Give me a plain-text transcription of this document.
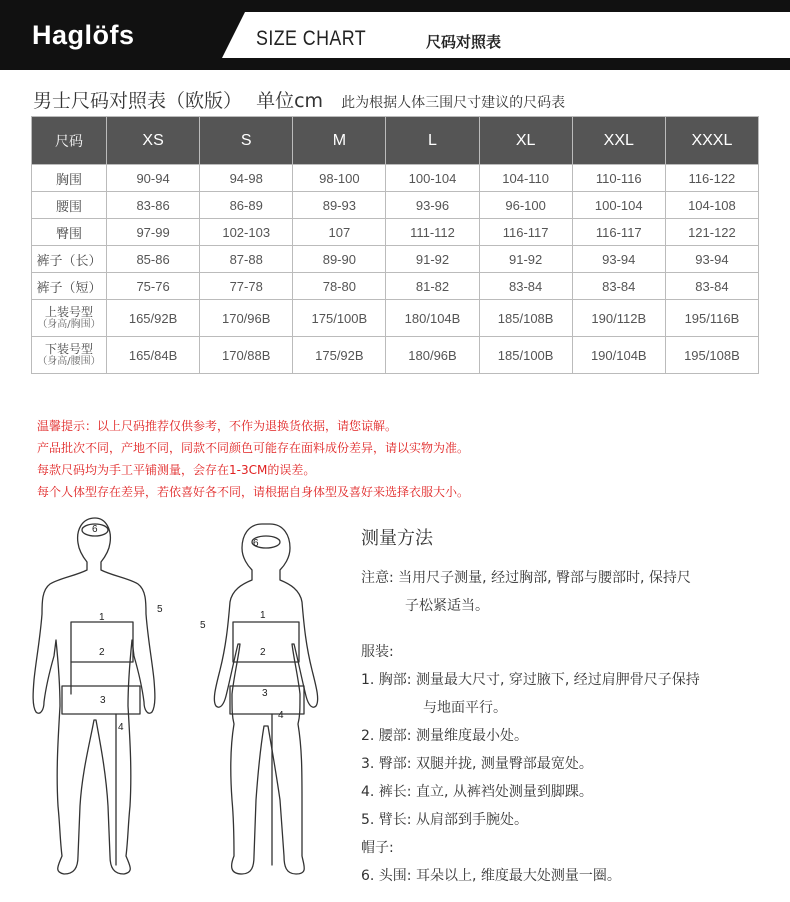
Haglöfs	SIZE CHART	尺码对照表
男士尺码对照表（欧版） 单位cm 此为根据人体三围尺寸建议的尺码表
尺码	XS	S	M	L	XL	XXL	XXXL
胸围	90-94	94-98	98-100	100-104	104-110	110-116	116-122
腰围	83-86	86-89	89-93	93-96	96-100	100-104	104-108
臀围	97-99	102-103	107	111-112	116-117	116-117	121-122
裤子（长）	85-86	87-88	89-90	91-92	91-92	93-94	93-94
裤子（短）	75-76	77-78	78-80	81-82	83-84	83-84	83-84

上装号型
（身高/胸围）	165/92B	170/96B	175/100B	180/104B	185/108B	190/112B	195/116B

下装号型
（身高/腰围）	165/84B	170/88B	175/92B	180/96B	185/100B	190/104B	195/108B

温馨提示：以上尺码推荐仅供参考，不作为退换货依据，请您谅解。

产品批次不同，产地不同，同款不同颜色可能存在面料成份差异，请以实物为准。

每款尺码均为手工平铺测量，会存在1-3CM的误差。

每个人体型存在差异，若依喜好各不同，请根据自身体型及喜好来选择衣服大小。

6
1
5
2
3
4
6
5
1
2
3
4
测量方法

注意: 当用尺子测量, 经过胸部, 臀部与腰部时, 保持尺

子松紧适当。

服装:

1. 胸部: 测量最大尺寸, 穿过腋下, 经过肩胛骨尺子保持

与地面平行。

2. 腰部: 测量维度最小处。

3. 臀部: 双腿并拢, 测量臀部最宽处。

4. 裤长: 直立, 从裤裆处测量到脚踝。

5. 臂长: 从肩部到手腕处。

帽子:

6. 头围: 耳朵以上, 维度最大处测量一圈。
